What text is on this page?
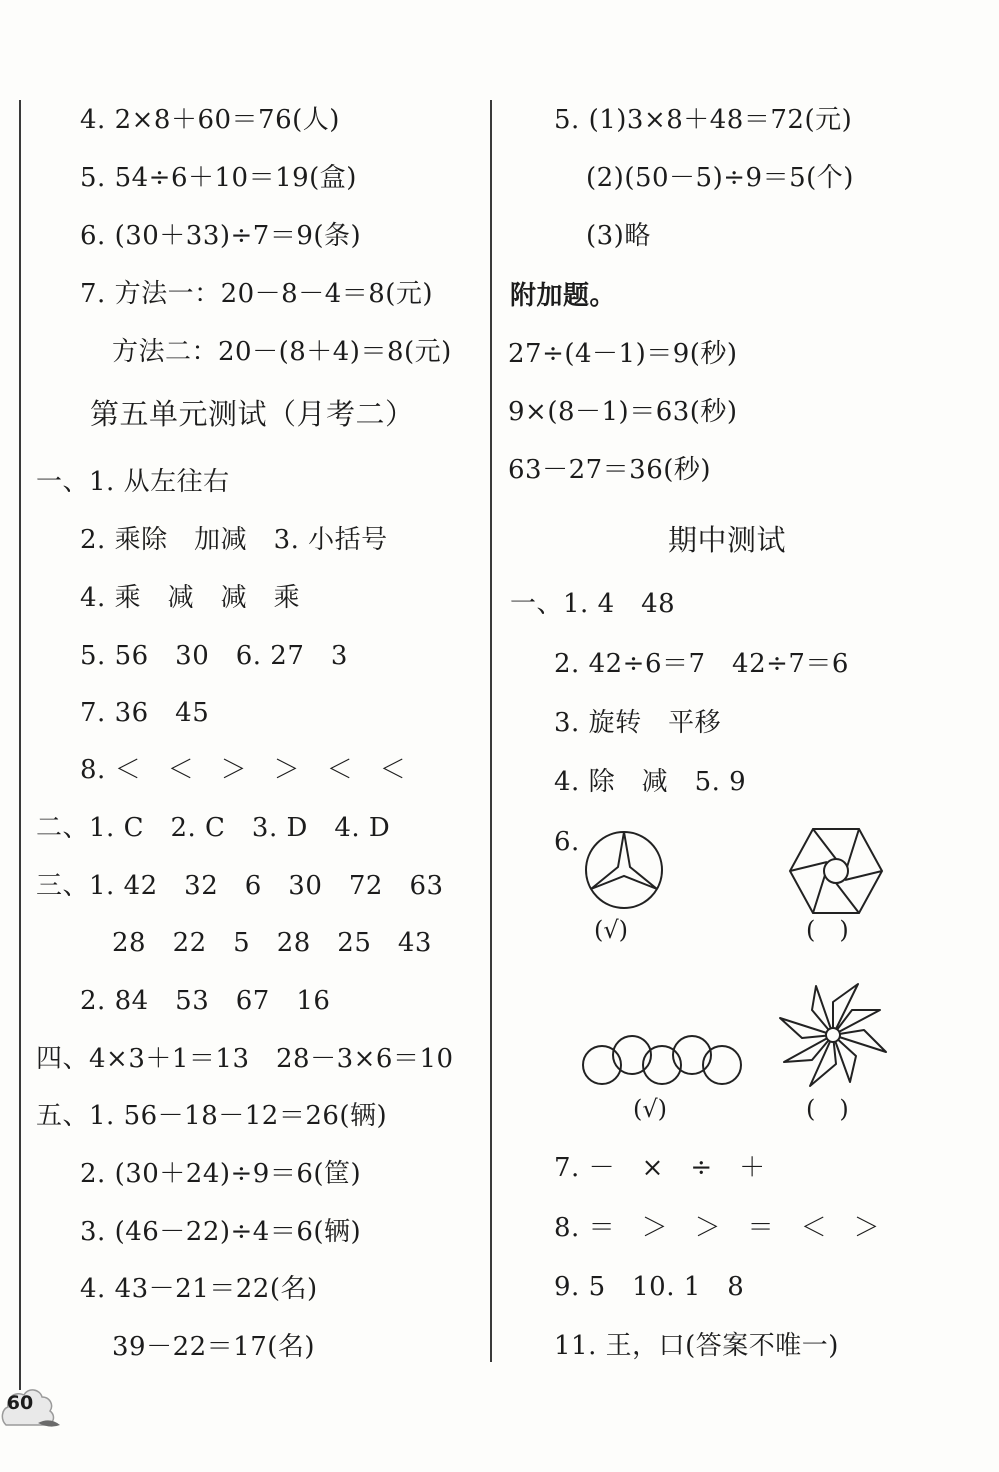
4. 2×8＋60＝76(人)
5. 54÷6＋10＝19(盒)
6. (30＋33)÷7＝9(条)
7. 方法一：20－8－4＝8(元)
方法二：20－(8＋4)＝8(元)
第五单元测试（月考二）
一、1. 从左往右
2. 乘除　加减　3. 小括号
4. 乘　减　减　乘
5. 56　30　6. 27　3
7. 36　45
8. ＜　＜　＞　＞　＜　＜
二、1. C　2. C　3. D　4. D
三、1. 42　32　6　30　72　63
28　22　5　28　25　43
2. 84　53　67　16
四、4×3＋1＝13　28－3×6＝10
五、1. 56－18－12＝26(辆)
2. (30＋24)÷9＝6(筐)
3. (46－22)÷4＝6(辆)
4. 43－21＝22(名)
39－22＝17(名)
5. (1)3×8＋48＝72(元)
(2)(50－5)÷9＝5(个)
(3)略
附加题。
27÷(4－1)＝9(秒)
9×(8－1)＝63(秒)
63－27＝36(秒)
期中测试
一、1. 4　48
2. 42÷6＝7　42÷7＝6
3. 旋转　平移
4. 除　减　5. 9
6.
(√)	(　)
(√)	(　)
7. －　×　÷　＋
8. ＝　＞　＞　＝　＜　＞
9. 5　10. 1　8
11. 王，口(答案不唯一)
60
